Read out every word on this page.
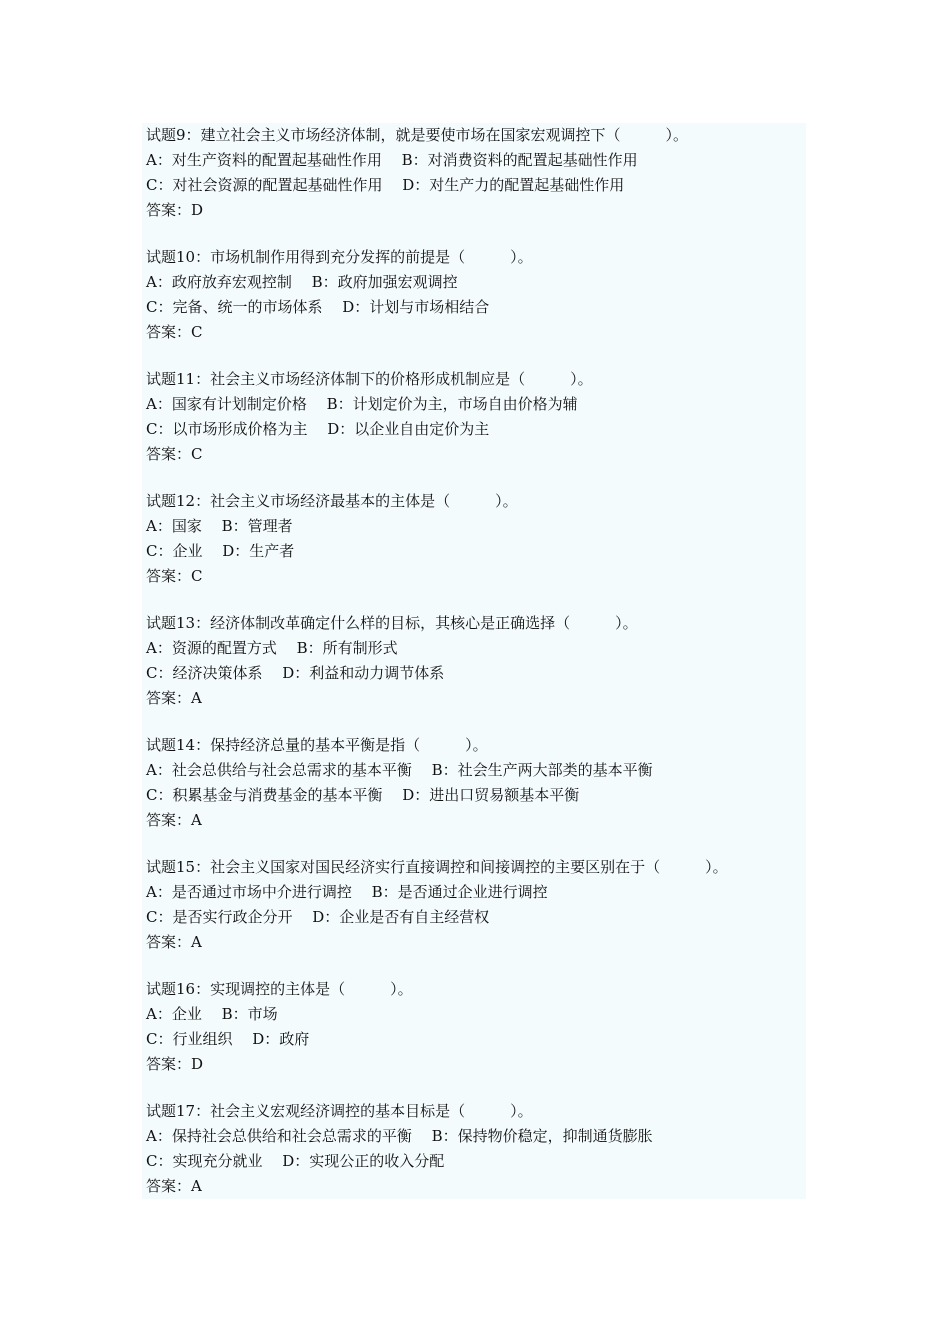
试题9：建立社会主义市场经济体制，就是要使市场在国家宏观调控下（　　　）。
A：对生产资料的配置起基础性作用　 B：对消费资料的配置起基础性作用
C：对社会资源的配置起基础性作用　 D：对生产力的配置起基础性作用
答案：D
试题10：市场机制作用得到充分发挥的前提是（　　　）。
A：政府放弃宏观控制　 B：政府加强宏观调控
C：完备、统一的市场体系　 D：计划与市场相结合
答案：C
试题11：社会主义市场经济体制下的价格形成机制应是（　　　）。
A：国家有计划制定价格　 B：计划定价为主，市场自由价格为辅
C：以市场形成价格为主　 D：以企业自由定价为主
答案：C
试题12：社会主义市场经济最基本的主体是（　　　）。
A：国家　 B：管理者
C：企业　 D：生产者
答案：C
试题13：经济体制改革确定什么样的目标，其核心是正确选择（　　　）。
A：资源的配置方式　 B：所有制形式
C：经济决策体系　 D：利益和动力调节体系
答案：A
试题14：保持经济总量的基本平衡是指（　　　）。
A：社会总供给与社会总需求的基本平衡　 B：社会生产两大部类的基本平衡
C：积累基金与消费基金的基本平衡　 D：进出口贸易额基本平衡
答案：A
试题15：社会主义国家对国民经济实行直接调控和间接调控的主要区别在于（　　　）。
A：是否通过市场中介进行调控　 B：是否通过企业进行调控
C：是否实行政企分开　 D：企业是否有自主经营权
答案：A
试题16：实现调控的主体是（　　　）。
A：企业　 B：市场
C：行业组织　 D：政府
答案：D
试题17：社会主义宏观经济调控的基本目标是（　　　）。
A：保持社会总供给和社会总需求的平衡　 B：保持物价稳定，抑制通货膨胀
C：实现充分就业　 D：实现公正的收入分配
答案：A
